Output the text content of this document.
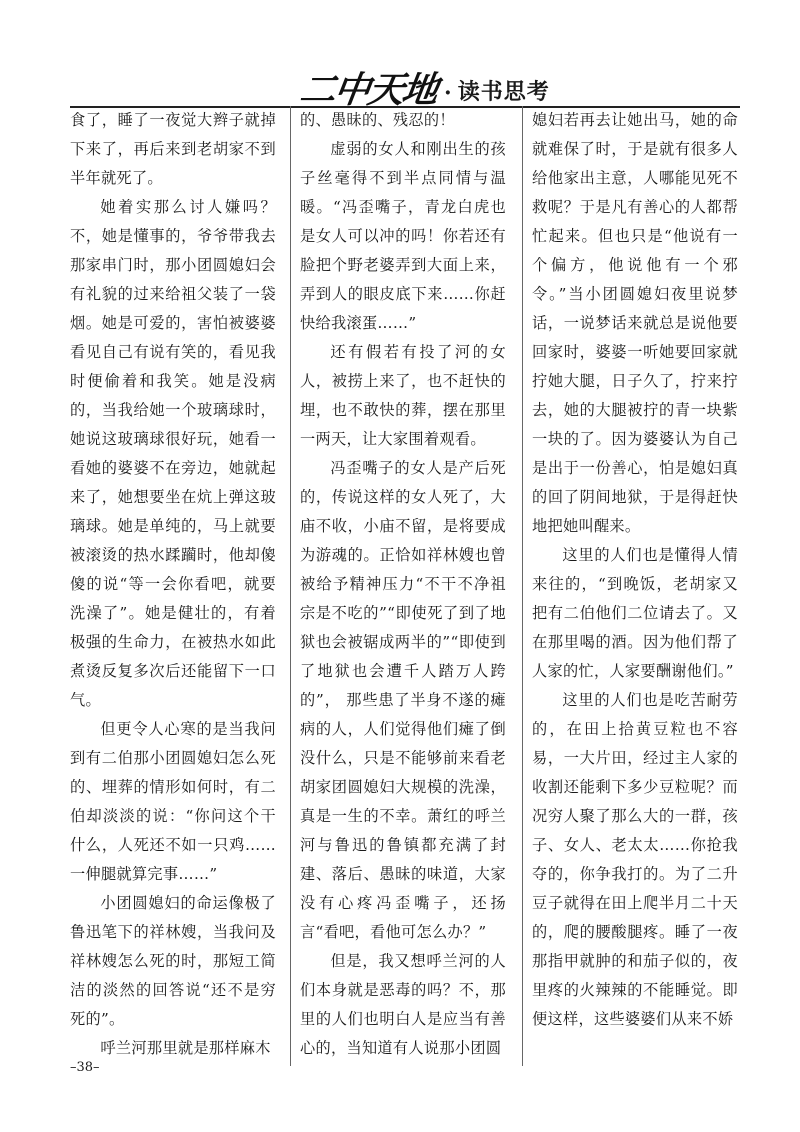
二中天地 · 读书思考

食了，睡了一夜觉大辫子就掉下来了，再后来到老胡家不到半年就死了。

她着实那么讨人嫌吗？不，她是懂事的，爷爷带我去那家串门时，那小团圆媳妇会有礼貌的过来给祖父装了一袋烟。她是可爱的，害怕被婆婆看见自己有说有笑的，看见我时便偷着和我笑。她是没病的，当我给她一个玻璃球时，她说这玻璃球很好玩，她看一看她的婆婆不在旁边，她就起来了，她想要坐在炕上弹这玻璃球。她是单纯的，马上就要被滚烫的热水蹂躏时，他却傻傻的说“等一会你看吧，就要洗澡了”。她是健壮的，有着极强的生命力，在被热水如此煮烫反复多次后还能留下一口气。

但更令人心寒的是当我问到有二伯那小团圆媳妇怎么死的、埋葬的情形如何时，有二伯却淡淡的说：“你问这个干什么，人死还不如一只鸡……一伸腿就算完事……”

小团圆媳妇的命运像极了鲁迅笔下的祥林嫂，当我问及祥林嫂怎么死的时，那短工简洁的淡然的回答说“还不是穷死的”。

呼兰河那里就是那样麻木

的、愚昧的、残忍的！

虚弱的女人和刚出生的孩子丝毫得不到半点同情与温暖。“冯歪嘴子，青龙白虎也是女人可以冲的吗！你若还有脸把个野老婆弄到大面上来，弄到人的眼皮底下来……你赶快给我滚蛋……”

还有假若有投了河的女人，被捞上来了，也不赶快的埋，也不敢快的葬，摆在那里一两天，让大家围着观看。

冯歪嘴子的女人是产后死的，传说这样的女人死了，大庙不收，小庙不留，是将要成为游魂的。正恰如祥林嫂也曾被给予精神压力“不干不净祖宗是不吃的”“即使死了到了地狱也会被锯成两半的”“即使到了地狱也会遭千人踏万人跨的”， 那些患了半身不遂的瘫病的人，人们觉得他们瘫了倒没什么，只是不能够前来看老胡家团圆媳妇大规模的洗澡，真是一生的不幸。萧红的呼兰河与鲁迅的鲁镇都充满了封建、落后、愚昧的味道，大家没有心疼冯歪嘴子，还扬言“看吧，看他可怎么办？”

但是，我又想呼兰河的人们本身就是恶毒的吗？不，那里的人们也明白人是应当有善心的，当知道有人说那小团圆

媳妇若再去让她出马，她的命就难保了时，于是就有很多人给他家出主意，人哪能见死不救呢？于是凡有善心的人都帮忙起来。但也只是“他说有一个偏方，他说他有一个邪令。”当小团圆媳妇夜里说梦话，一说梦话来就总是说他要回家时，婆婆一听她要回家就拧她大腿，日子久了，拧来拧去，她的大腿被拧的青一块紫一块的了。因为婆婆认为自己是出于一份善心，怕是媳妇真的回了阴间地狱，于是得赶快地把她叫醒来。

这里的人们也是懂得人情来往的，“到晚饭，老胡家又把有二伯他们二位请去了。又在那里喝的酒。因为他们帮了人家的忙，人家要酬谢他们。”

这里的人们也是吃苦耐劳的，在田上拾黄豆粒也不容易，一大片田，经过主人家的收割还能剩下多少豆粒呢？而况穷人聚了那么大的一群，孩子、女人、老太太……你抢我夺的，你争我打的。为了二升豆子就得在田上爬半月二十天的，爬的腰酸腿疼。睡了一夜那指甲就肿的和茄子似的，夜里疼的火辣辣的不能睡觉。即便这样，这些婆婆们从来不娇

–38–
